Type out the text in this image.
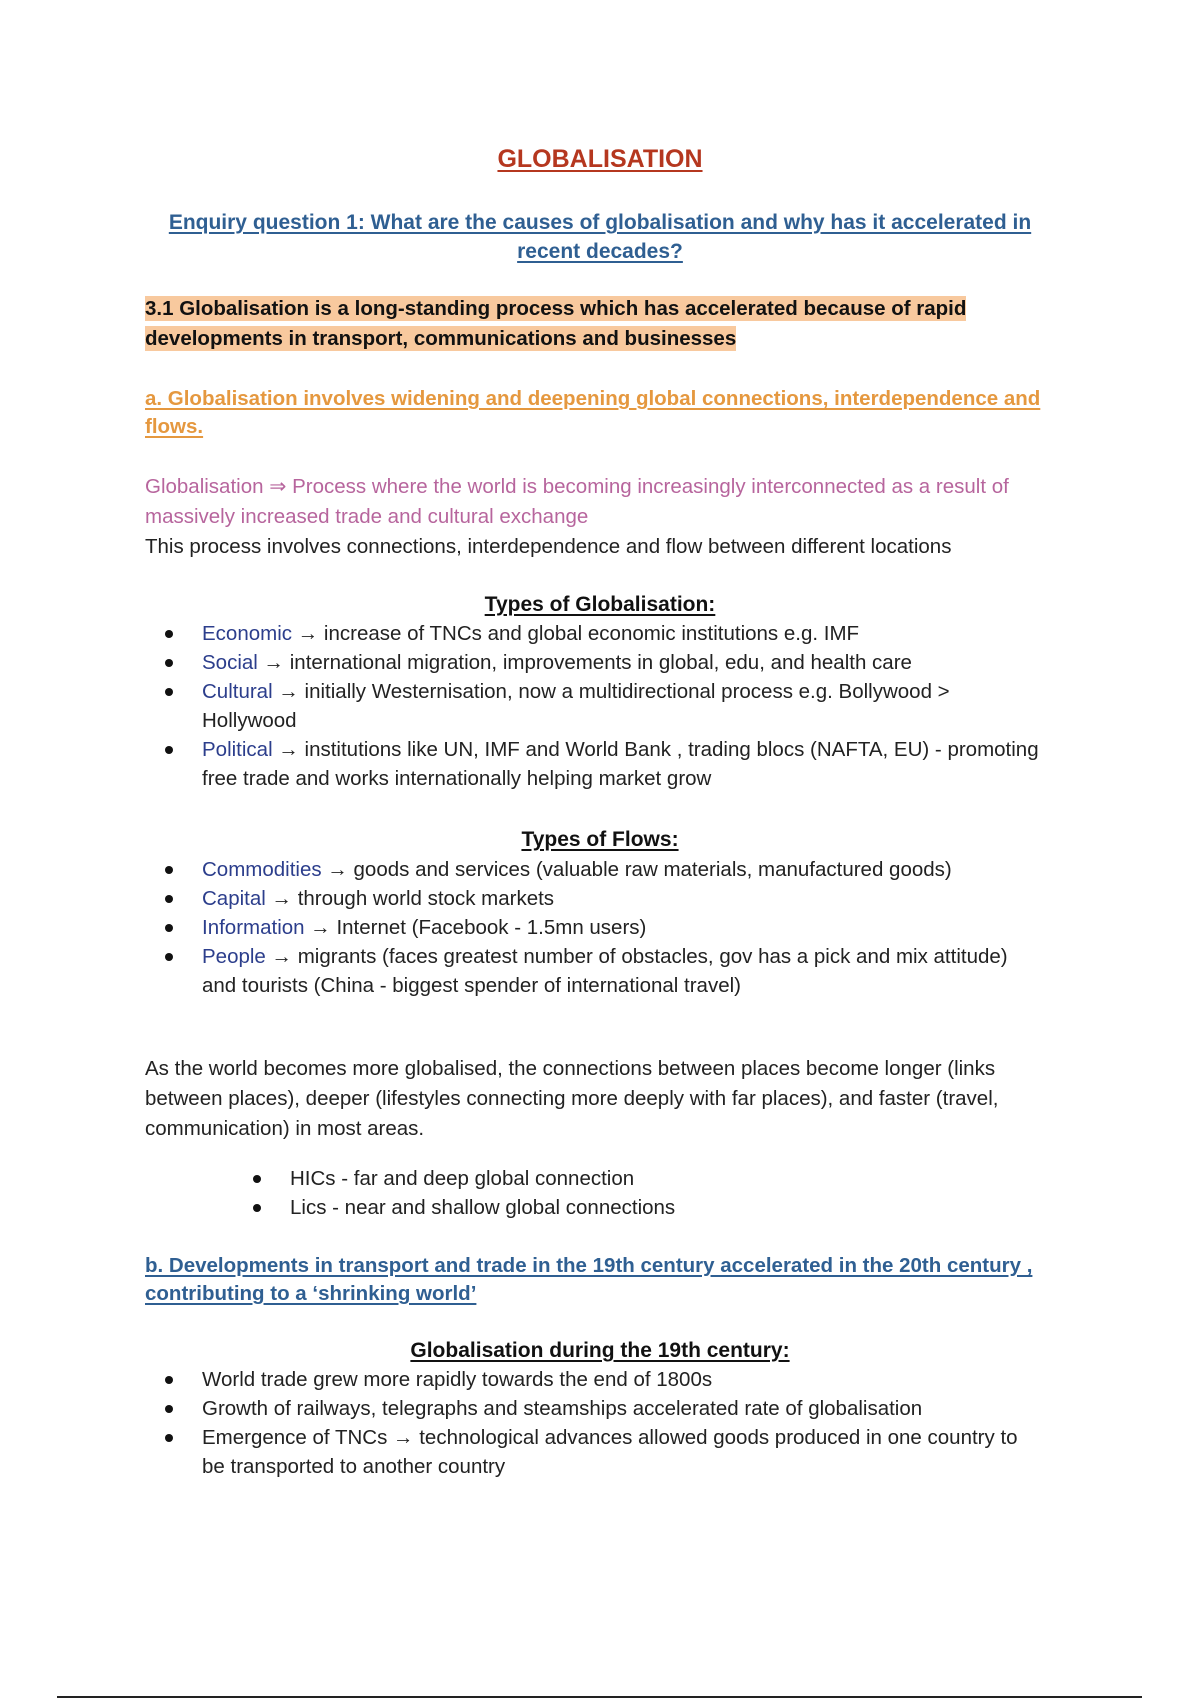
GLOBALISATION
Enquiry question 1: What are the causes of globalisation and why has it accelerated in recent decades?
3.1 Globalisation is a long-standing process which has accelerated because of rapid developments in transport, communications and businesses
a. Globalisation involves widening and deepening global connections, interdependence and flows.
Globalisation ⇒ Process where the world is becoming increasingly interconnected as a result of massively increased trade and cultural exchange
This process involves connections, interdependence and flow between different locations
Types of Globalisation:
Economic → increase of TNCs and global economic institutions e.g. IMF
Social → international migration, improvements in global, edu, and health care
Cultural → initially Westernisation, now a multidirectional process e.g. Bollywood > Hollywood
Political → institutions like UN, IMF and World Bank , trading blocs (NAFTA, EU) - promoting free trade and works internationally helping market grow
Types of Flows:
Commodities → goods and services (valuable raw materials, manufactured goods)
Capital → through world stock markets
Information → Internet (Facebook - 1.5mn users)
People → migrants (faces greatest number of obstacles, gov has a pick and mix attitude) and tourists (China - biggest spender of international travel)
As the world becomes more globalised, the connections between places become longer (links between places), deeper (lifestyles connecting more deeply with far places), and faster (travel, communication) in most areas.
HICs - far and deep global connection
Lics - near and shallow global connections
b. Developments in transport and trade in the 19th century accelerated in the 20th century , contributing to a ‘shrinking world’
Globalisation during the 19th century:
World trade grew more rapidly towards the end of 1800s
Growth of railways, telegraphs and steamships accelerated rate of globalisation
Emergence of TNCs → technological advances allowed goods produced in one country to be transported to another country
